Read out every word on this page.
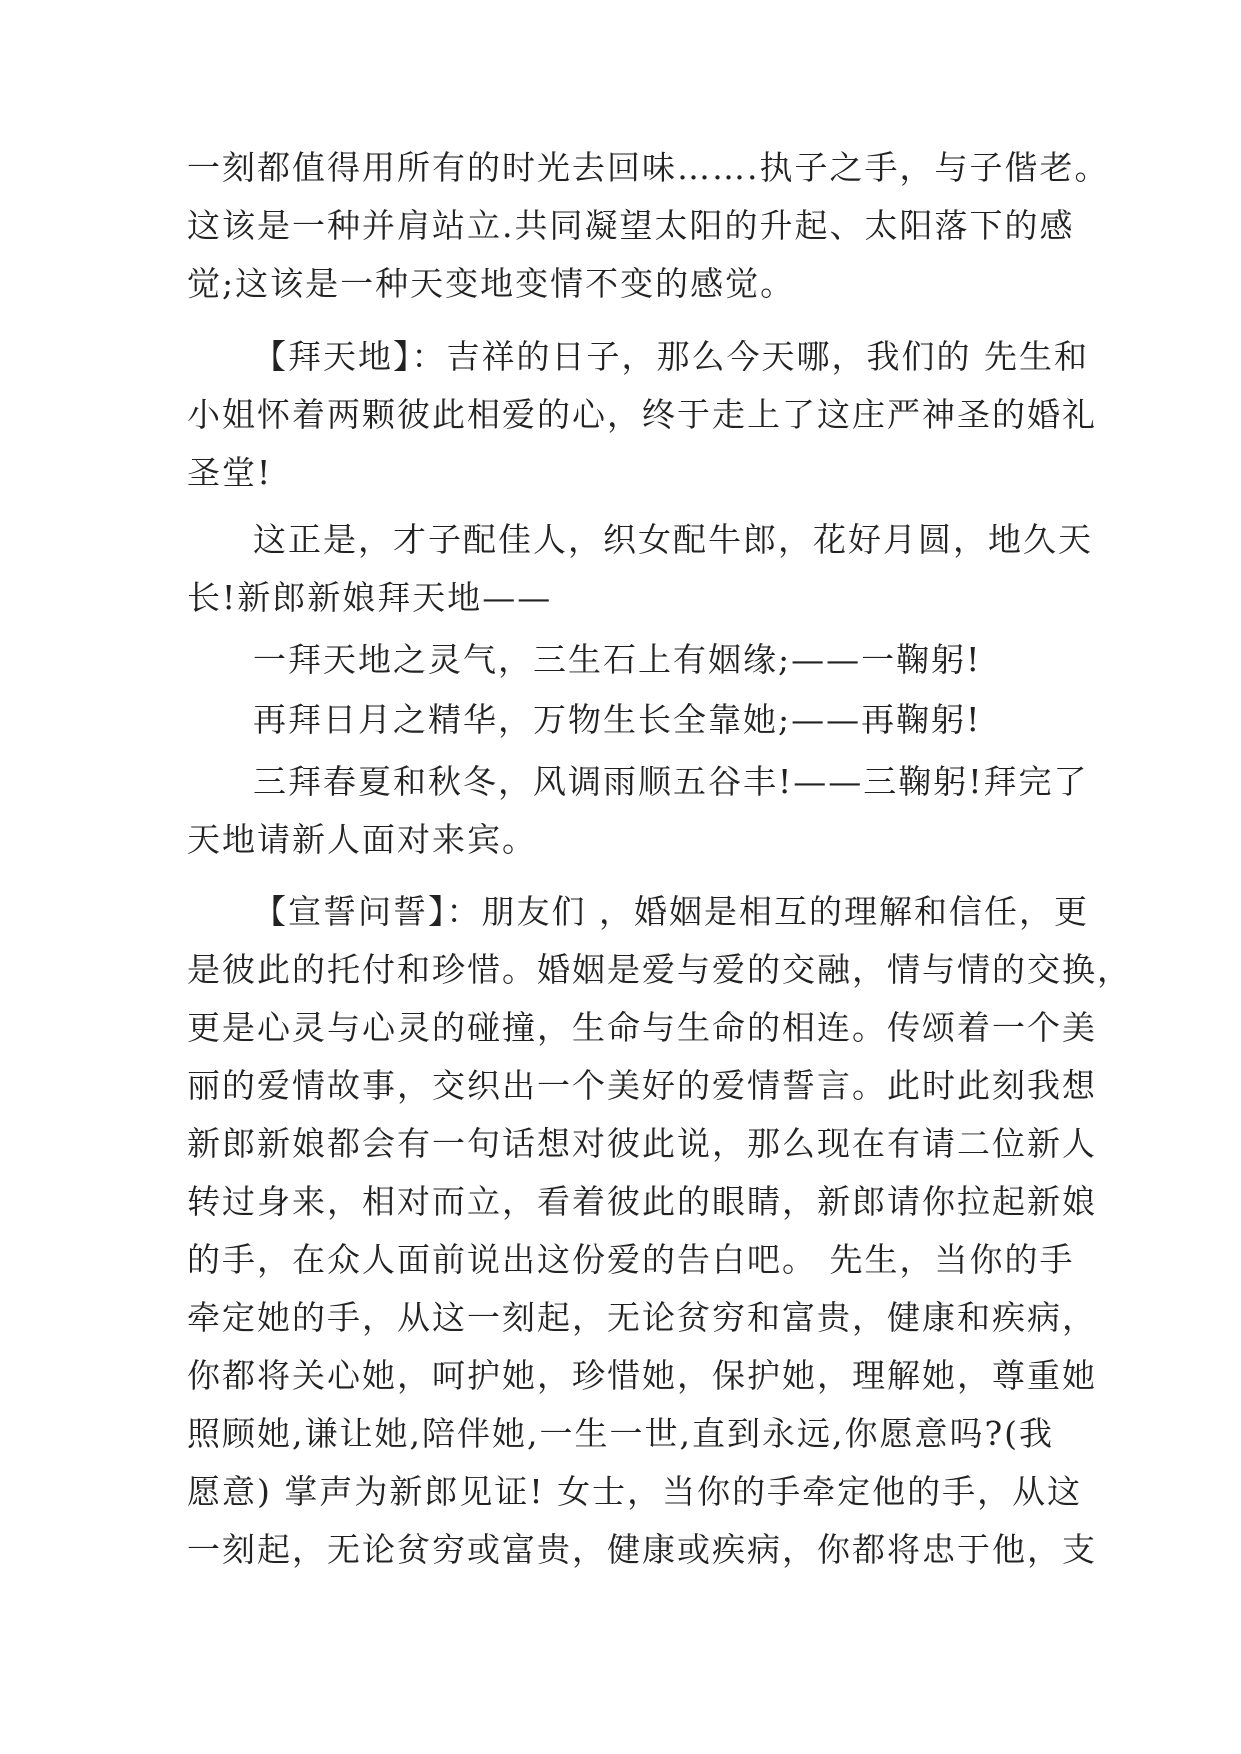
一刻都值得用所有的时光去回味…….执子之手，与子偕老。
这该是一种并肩站立.共同凝望太阳的升起、太阳落下的感
觉;这该是一种天变地变情不变的感觉。
【拜天地】：吉祥的日子，那么今天哪，我们的 先生和
小姐怀着两颗彼此相爱的心，终于走上了这庄严神圣的婚礼
圣堂!
这正是，才子配佳人，织女配牛郎，花好月圆，地久天
长!新郎新娘拜天地——
一拜天地之灵气，三生石上有姻缘;——一鞠躬!
再拜日月之精华，万物生长全靠她;——再鞠躬!
三拜春夏和秋冬，风调雨顺五谷丰!——三鞠躬!拜完了
天地请新人面对来宾。
【宣誓问誓】：朋友们 ，婚姻是相互的理解和信任，更
是彼此的托付和珍惜。婚姻是爱与爱的交融，情与情的交换，
更是心灵与心灵的碰撞，生命与生命的相连。传颂着一个美
丽的爱情故事，交织出一个美好的爱情誓言。此时此刻我想
新郎新娘都会有一句话想对彼此说，那么现在有请二位新人
转过身来，相对而立，看着彼此的眼睛，新郎请你拉起新娘
的手，在众人面前说出这份爱的告白吧。 先生，当你的手
牵定她的手，从这一刻起，无论贫穷和富贵，健康和疾病，
你都将关心她，呵护她，珍惜她，保护她，理解她，尊重她
照顾她,谦让她,陪伴她,一生一世,直到永远,你愿意吗?(我
愿意) 掌声为新郎见证! 女士，当你的手牵定他的手，从这
一刻起，无论贫穷或富贵，健康或疾病，你都将忠于他，支
